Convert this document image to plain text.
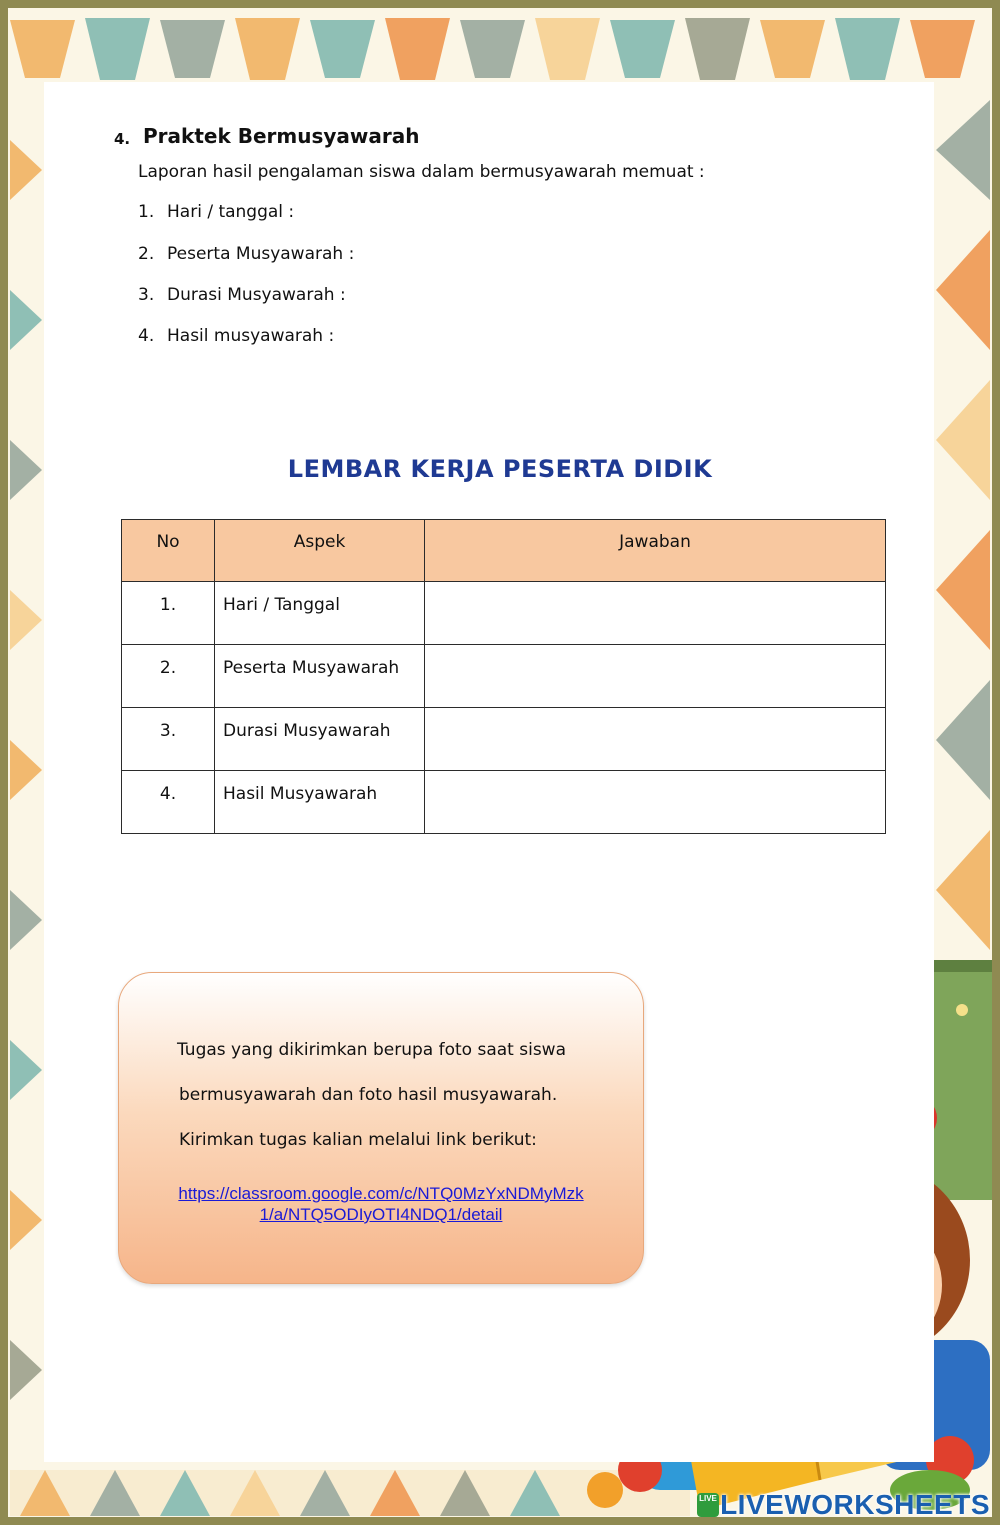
4. Praktek Bermusyawarah
Laporan hasil pengalaman siswa dalam bermusyawarah memuat :
1. Hari / tanggal :
2. Peserta Musyawarah :
3. Durasi Musyawarah :
4. Hasil musyawarah :
LEMBAR KERJA PESERTA DIDIK
No	Aspek	Jawaban
1.	Hari / Tanggal	
2.	Peserta Musyawarah	
3.	Durasi Musyawarah	
4.	Hasil Musyawarah	
Tugas yang dikirimkan berupa foto saat siswa
bermusyawarah dan foto hasil musyawarah.
Kirimkan tugas kalian melalui link berikut:
https://classroom.google.com/c/NTQ0MzYxNDMyMzk
1/a/NTQ5ODIyOTI4NDQ1/detail
LIVE LIVEWORKSHEETS
